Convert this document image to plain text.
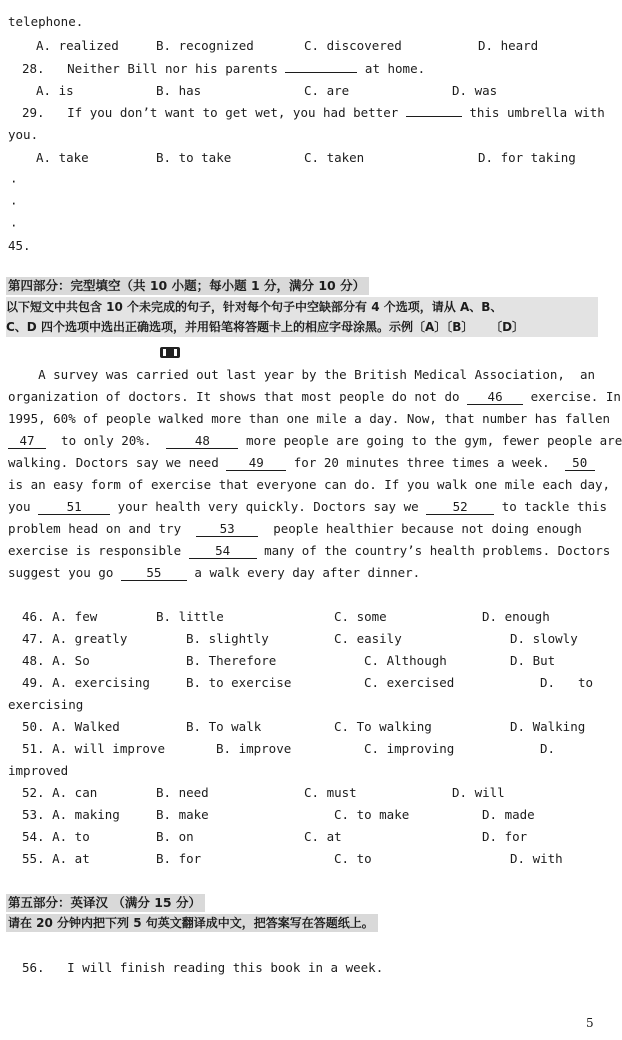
telephone.
A. realized	B. recognized	C. discovered	D. heard
28.   Neither Bill nor his parents	at home.
A. is	B. has	C. are	D. was
29.   If you don’t want to get wet, you had better	this umbrella with
you.
A. take	B. to take	C. taken	D. for taking
·
·
·
45.
第四部分：完型填空（共 10 小题；每小题 1 分，满分 10 分）
以下短文中共包含 10 个未完成的句子，针对每个句子中空缺部分有 4 个选项，请从 A、B、
C、D 四个选项中选出正确选项，并用铅笔将答题卡上的相应字母涂黑。示例〔A〕〔B〕    〔D〕
A survey was carried out last year by the British Medical Association,  an
organization of doctors. It shows that most people do not do 46 exercise. In
1995, 60% of people walked more than one mile a day. Now, that number has fallen
47  to only 20%.  48 more people are going to the gym, fewer people are
walking. Doctors say we need 49 for 20 minutes three times a week.  50
is an easy form of exercise that everyone can do. If you walk one mile each day,
you 51 your health very quickly. Doctors say we 52 to tackle this
problem head on and try  53  people healthier because not doing enough
exercise is responsible 54 many of the country’s health problems. Doctors
suggest you go 55 a walk every day after dinner.
46. A. few	B. little	C. some	D. enough
47. A. greatly	B. slightly	C. easily	D. slowly
48. A. So	B. Therefore	C. Although	D. But
49. A. exercising	B. to exercise	C. exercised	D. to
exercising
50. A. Walked	B. To walk	C. To walking	D. Walking
51. A. will improve	B. improve	C. improving	D.
improved
52. A. can	B. need	C. must	D. will
53. A. making	B. make	C. to make	D. made
54. A. to	B. on	C. at	D. for
55. A. at	B. for	C. to	D. with
第五部分：英译汉 （满分 15 分）
请在 20 分钟内把下列 5 句英文翻译成中文，把答案写在答题纸上。
56.   I will finish reading this book in a week.
5
